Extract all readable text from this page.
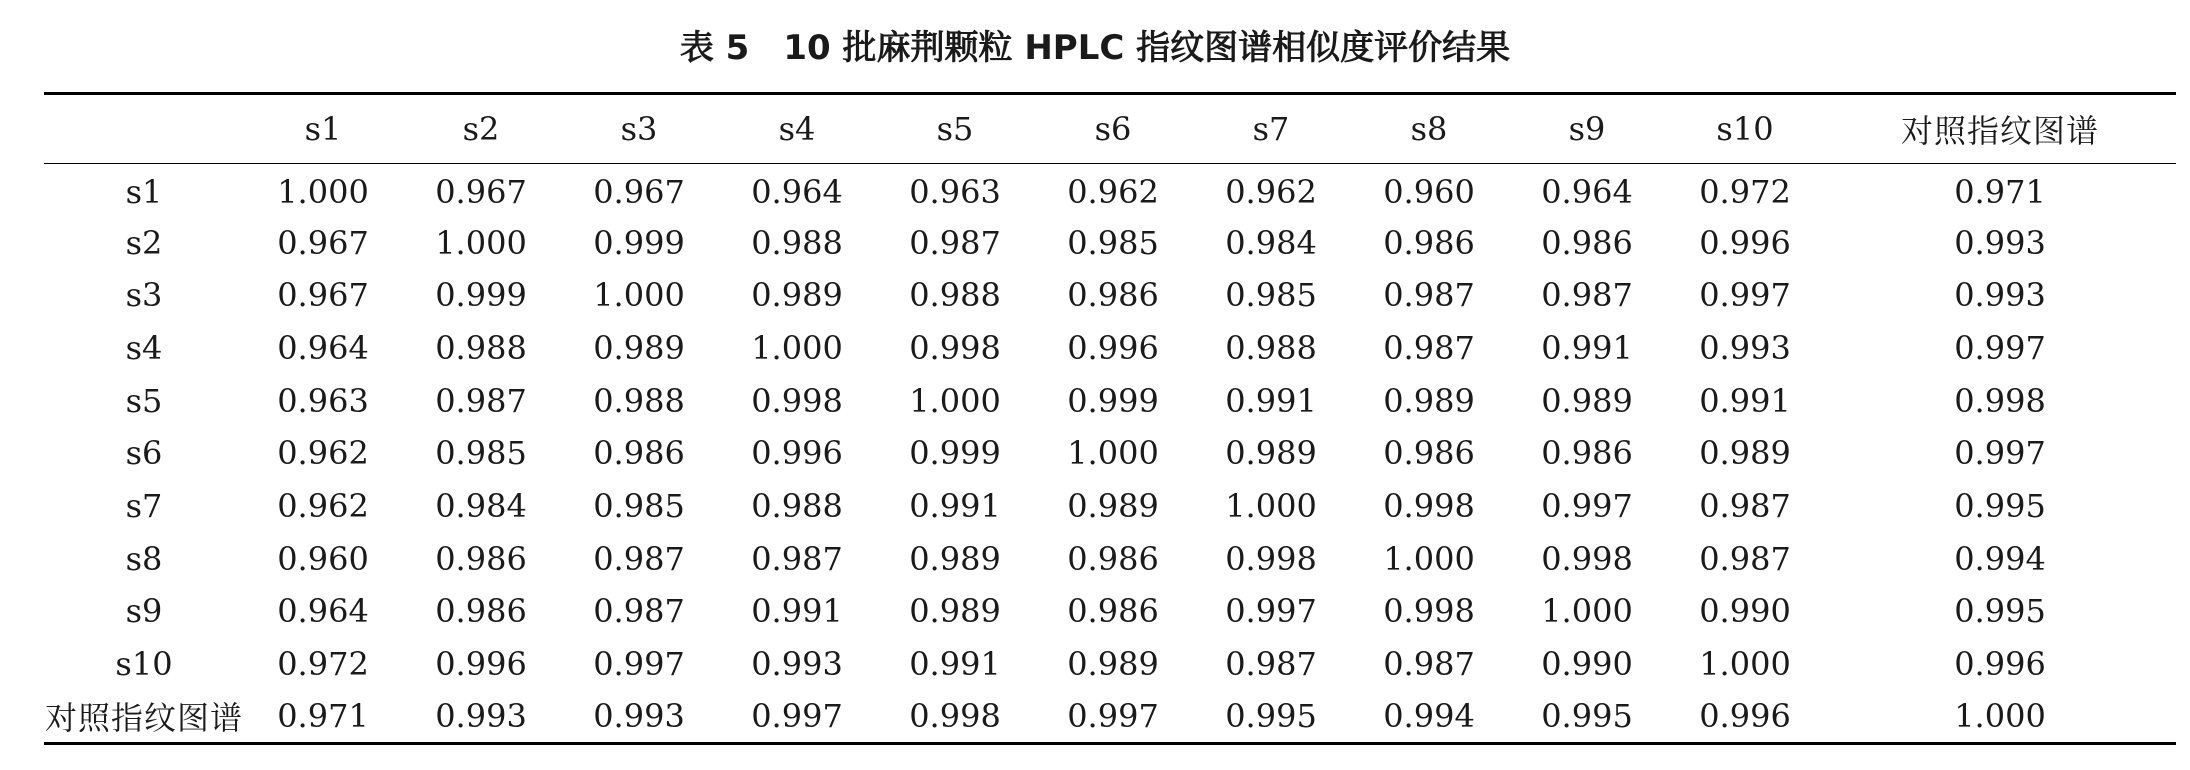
表 5 10 批麻荆颗粒 HPLC 指纹图谱相似度评价结果
	s1	s2	s3	s4	s5	s6	s7	s8	s9	s10	对照指纹图谱
s1	1.000	0.967	0.967	0.964	0.963	0.962	0.962	0.960	0.964	0.972	0.971
s2	0.967	1.000	0.999	0.988	0.987	0.985	0.984	0.986	0.986	0.996	0.993
s3	0.967	0.999	1.000	0.989	0.988	0.986	0.985	0.987	0.987	0.997	0.993
s4	0.964	0.988	0.989	1.000	0.998	0.996	0.988	0.987	0.991	0.993	0.997
s5	0.963	0.987	0.988	0.998	1.000	0.999	0.991	0.989	0.989	0.991	0.998
s6	0.962	0.985	0.986	0.996	0.999	1.000	0.989	0.986	0.986	0.989	0.997
s7	0.962	0.984	0.985	0.988	0.991	0.989	1.000	0.998	0.997	0.987	0.995
s8	0.960	0.986	0.987	0.987	0.989	0.986	0.998	1.000	0.998	0.987	0.994
s9	0.964	0.986	0.987	0.991	0.989	0.986	0.997	0.998	1.000	0.990	0.995
s10	0.972	0.996	0.997	0.993	0.991	0.989	0.987	0.987	0.990	1.000	0.996
对照指纹图谱	0.971	0.993	0.993	0.997	0.998	0.997	0.995	0.994	0.995	0.996	1.000
